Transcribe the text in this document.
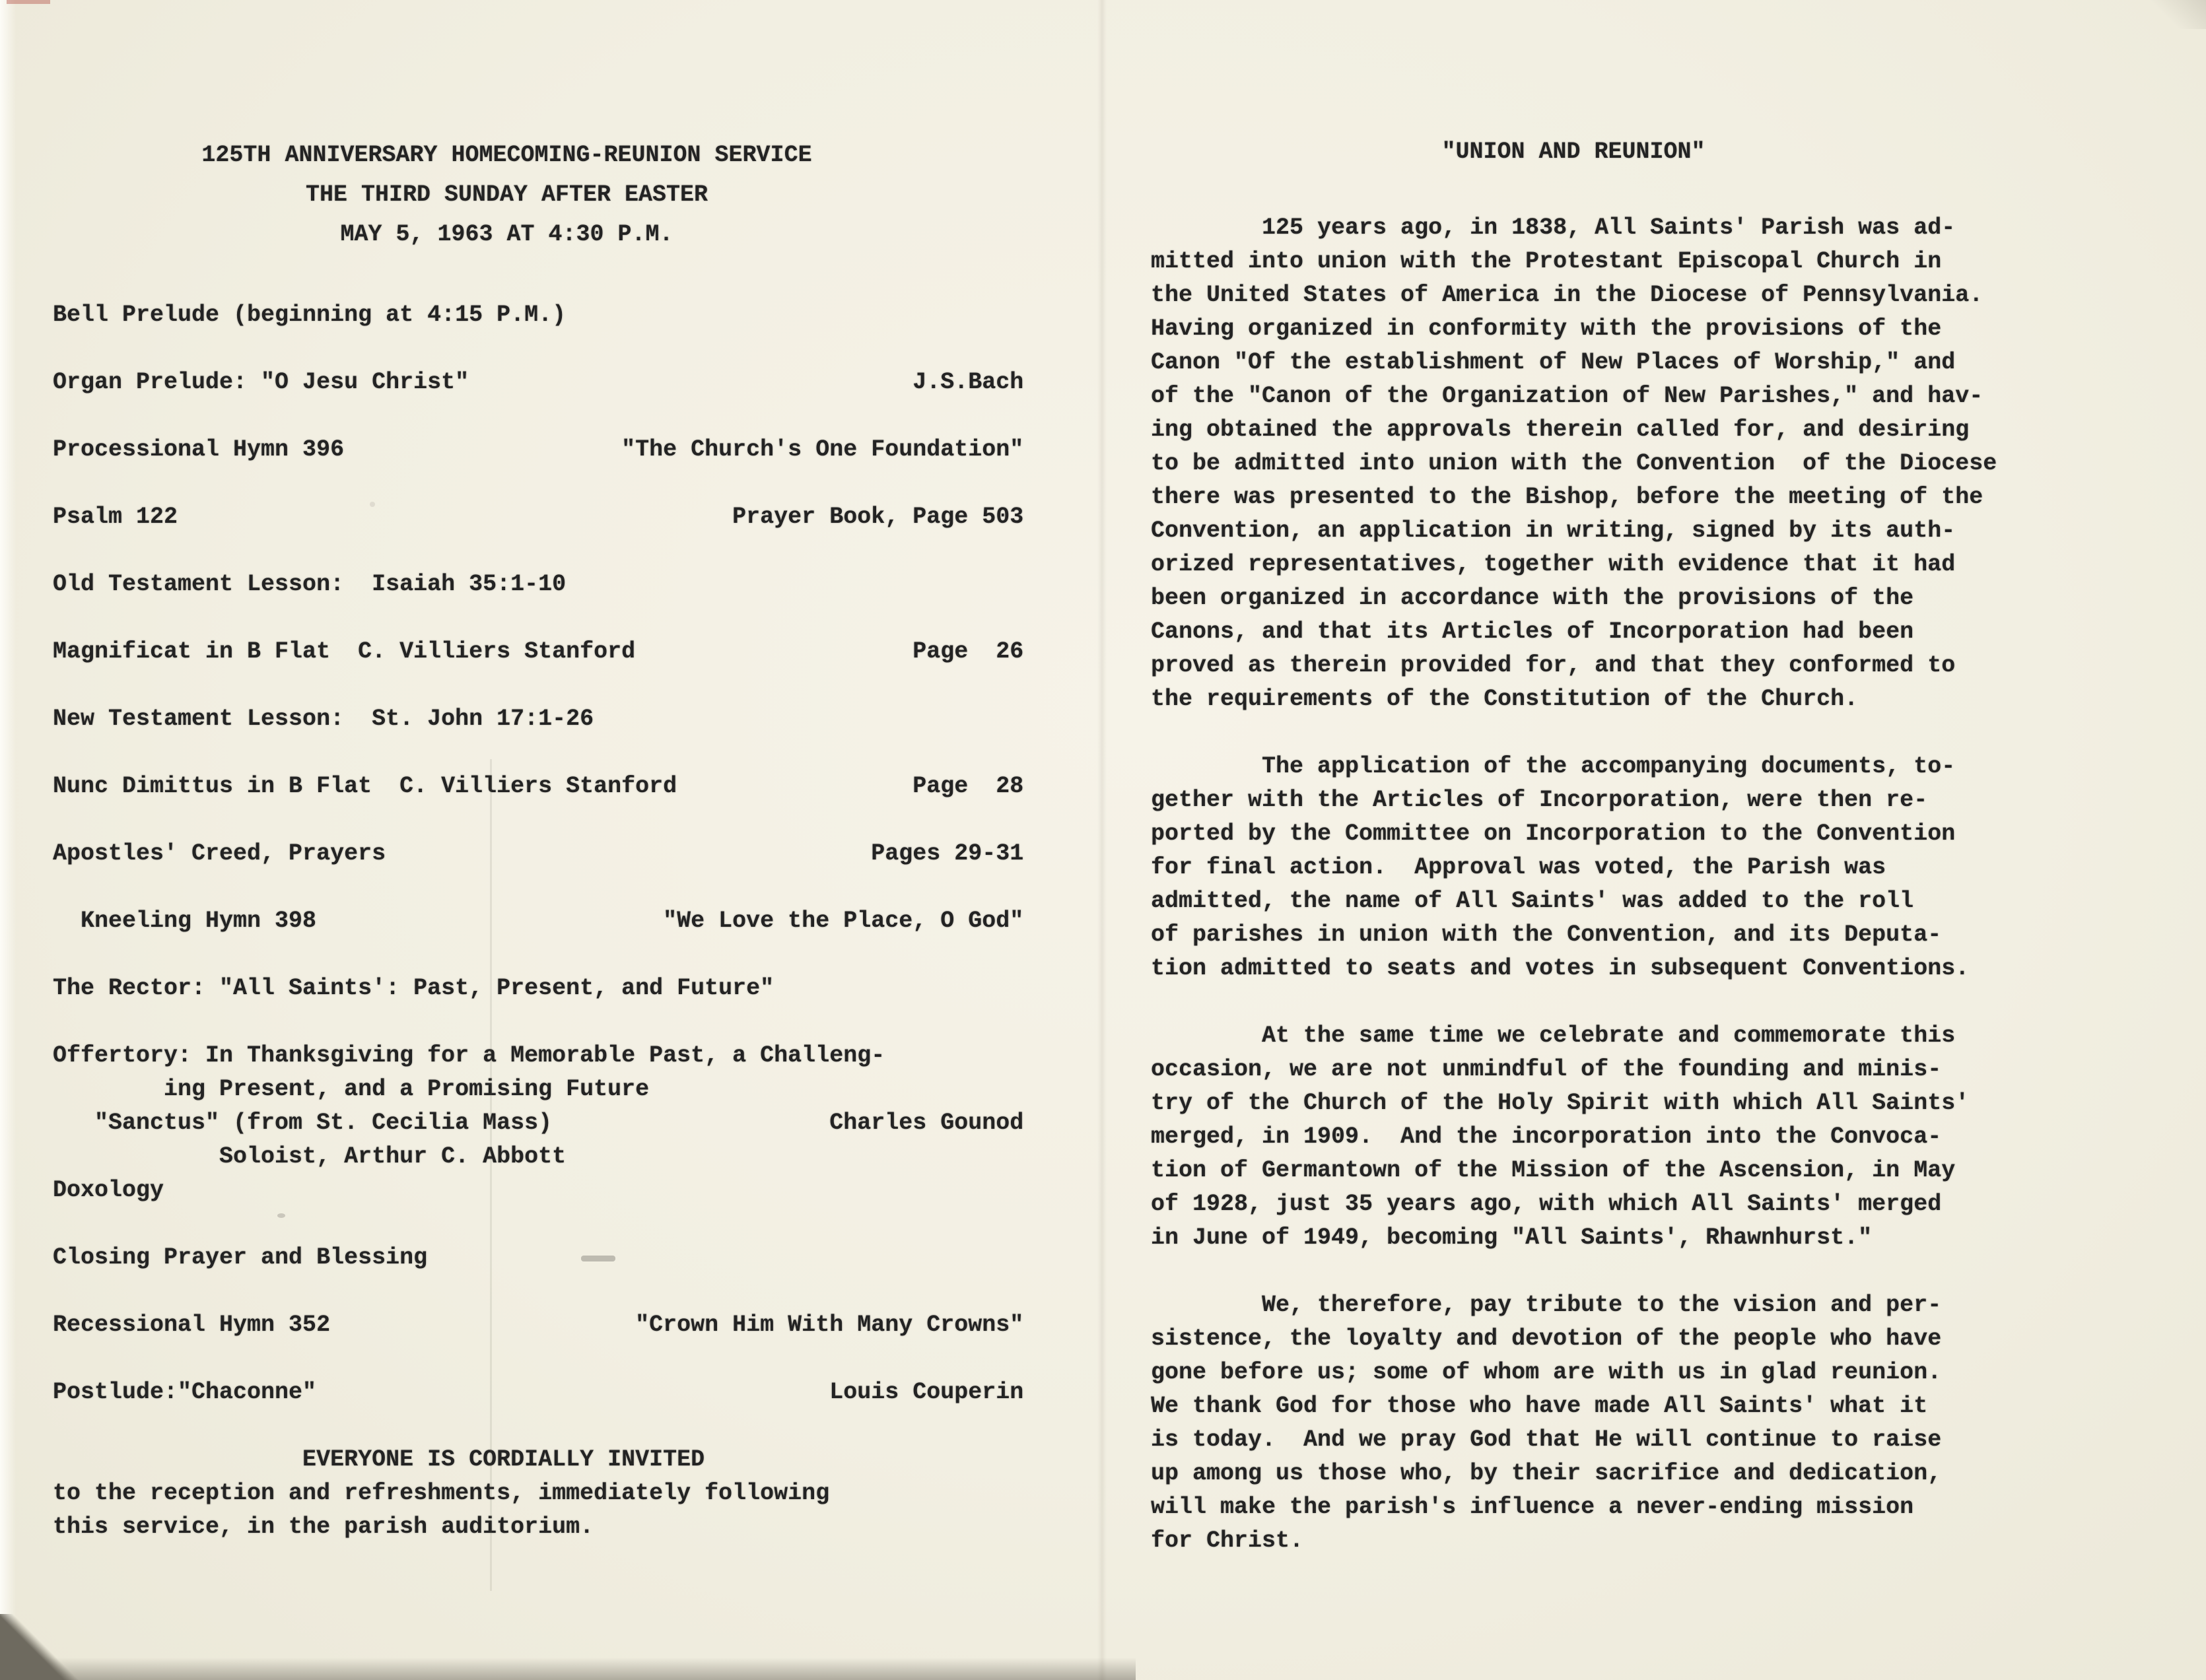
125TH ANNIVERSARY HOMECOMING-REUNION SERVICE
THE THIRD SUNDAY AFTER EASTER
MAY 5, 1963 AT 4:30 P.M.
Bell Prelude (beginning at 4:15 P.M.)
Organ Prelude: "O Jesu Christ"                                J.S.Bach
Processional Hymn 396                    "The Church's One Foundation"
Psalm 122                                        Prayer Book, Page 503
Old Testament Lesson:  Isaiah 35:1-10
Magnificat in B Flat  C. Villiers Stanford                    Page  26
New Testament Lesson:  St. John 17:1-26
Nunc Dimittus in B Flat  C. Villiers Stanford                 Page  28
Apostles' Creed, Prayers                                   Pages 29-31
Kneeling Hymn 398                         "We Love the Place, O God"
The Rector: "All Saints': Past, Present, and Future"
Offertory: In Thanksgiving for a Memorable Past, a Challeng-
ing Present, and a Promising Future
"Sanctus" (from St. Cecilia Mass)                    Charles Gounod
Soloist, Arthur C. Abbott
Doxology
Closing Prayer and Blessing
Recessional Hymn 352                      "Crown Him With Many Crowns"
Postlude:"Chaconne"                                     Louis Couperin
EVERYONE IS CORDIALLY INVITED
to the reception and refreshments, immediately following
this service, in the parish auditorium.
"UNION AND REUNION"
125 years ago, in 1838, All Saints' Parish was ad-
mitted into union with the Protestant Episcopal Church in
the United States of America in the Diocese of Pennsylvania.
Having organized in conformity with the provisions of the
Canon "Of the establishment of New Places of Worship," and
of the "Canon of the Organization of New Parishes," and hav-
ing obtained the approvals therein called for, and desiring
to be admitted into union with the Convention  of the Diocese
there was presented to the Bishop, before the meeting of the
Convention, an application in writing, signed by its auth-
orized representatives, together with evidence that it had
been organized in accordance with the provisions of the
Canons, and that its Articles of Incorporation had been
proved as therein provided for, and that they conformed to
the requirements of the Constitution of the Church.
The application of the accompanying documents, to-
gether with the Articles of Incorporation, were then re-
ported by the Committee on Incorporation to the Convention
for final action.  Approval was voted, the Parish was
admitted, the name of All Saints' was added to the roll
of parishes in union with the Convention, and its Deputa-
tion admitted to seats and votes in subsequent Conventions.
At the same time we celebrate and commemorate this
occasion, we are not unmindful of the founding and minis-
try of the Church of the Holy Spirit with which All Saints'
merged, in 1909.  And the incorporation into the Convoca-
tion of Germantown of the Mission of the Ascension, in May
of 1928, just 35 years ago, with which All Saints' merged
in June of 1949, becoming "All Saints', Rhawnhurst."
We, therefore, pay tribute to the vision and per-
sistence, the loyalty and devotion of the people who have
gone before us; some of whom are with us in glad reunion.
We thank God for those who have made All Saints' what it
is today.  And we pray God that He will continue to raise
up among us those who, by their sacrifice and dedication,
will make the parish's influence a never-ending mission
for Christ.
